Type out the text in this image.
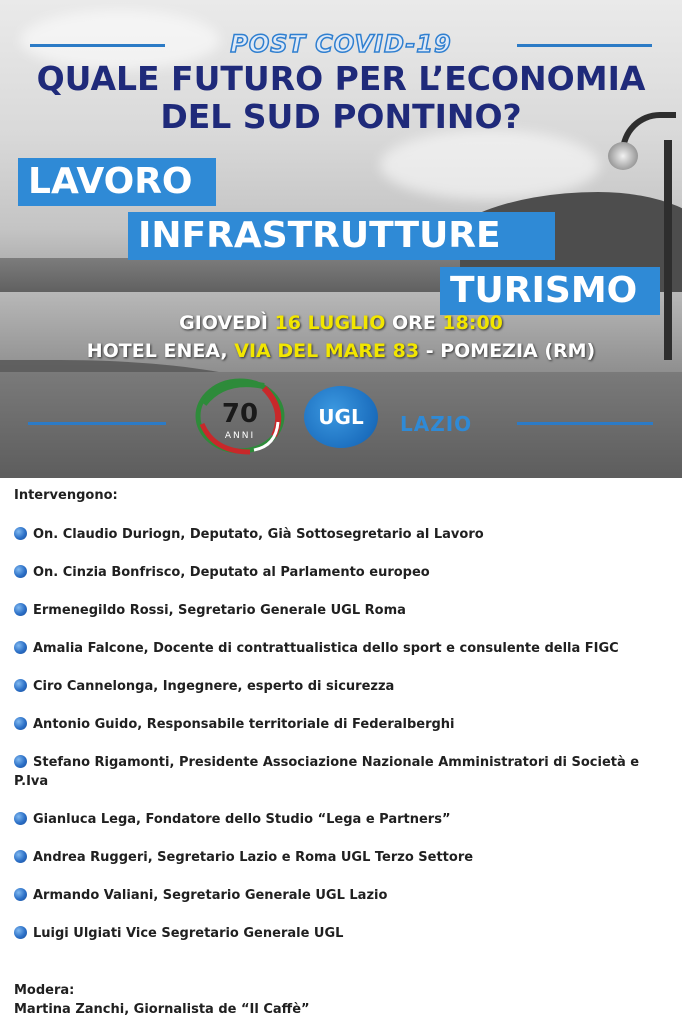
POST COVID-19
QUALE FUTURO PER L’ECONOMIA
DEL SUD PONTINO?
LAVORO
INFRASTRUTTURE
TURISMO
GIOVEDÌ 16 LUGLIO ORE 18:00
HOTEL ENEA, VIA DEL MARE 83 - POMEZIA (RM)
70
ANNI
UGL	LAZIO
Intervengono:
On. Claudio Duriogn, Deputato, Già Sottosegretario al Lavoro
On. Cinzia Bonfrisco, Deputato al Parlamento europeo
Ermenegildo Rossi, Segretario Generale UGL Roma
Amalia Falcone, Docente di contrattualistica dello sport e consulente della FIGC
Ciro Cannelonga, Ingegnere, esperto di sicurezza
Antonio Guido, Responsabile territoriale di Federalberghi
Stefano Rigamonti, Presidente Associazione Nazionale Amministratori di Società e
P.Iva
Gianluca Lega, Fondatore dello Studio “Lega e Partners”
Andrea Ruggeri, Segretario Lazio e Roma UGL Terzo Settore
Armando Valiani, Segretario Generale UGL Lazio
Luigi Ulgiati Vice Segretario Generale UGL
Modera:
Martina Zanchi, Giornalista de “Il Caffè”
